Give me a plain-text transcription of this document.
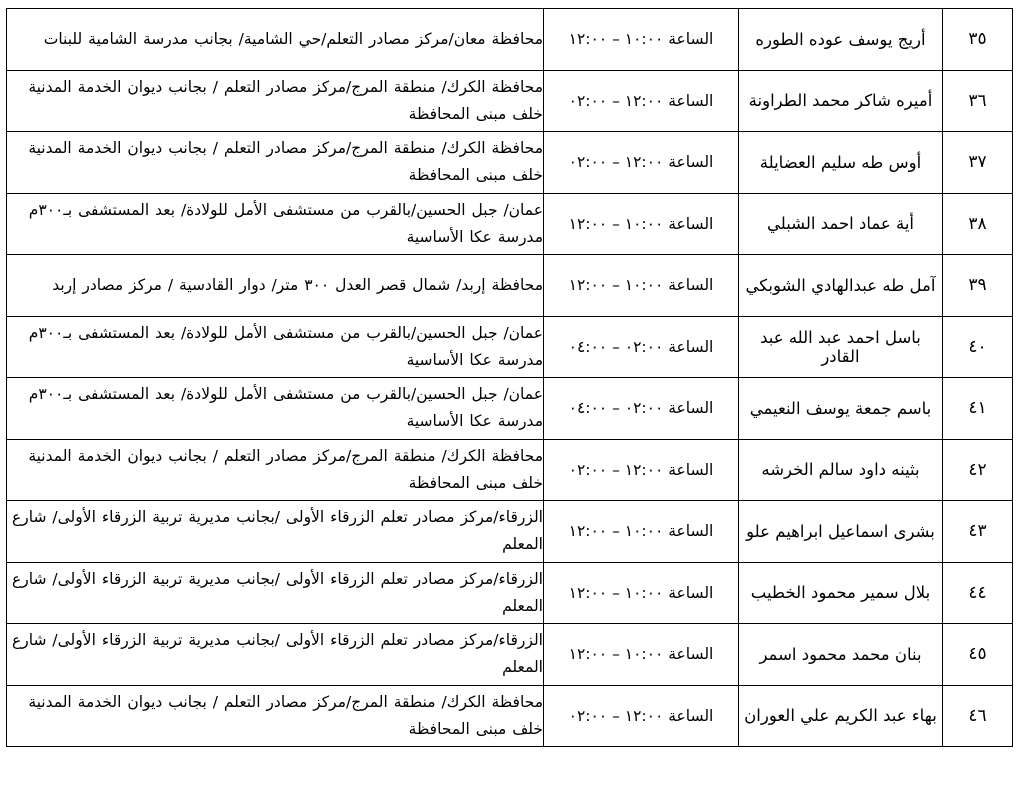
٣٥	أريج يوسف عوده الطوره	الساعة ١٠:٠٠ – ١٢:٠٠	محافظة معان/مركز مصادر التعلم/حي الشامية/ بجانب مدرسة الشامية للبنات
٣٦	أميره شاكر محمد الطراونة	الساعة ١٢:٠٠ – ٠٢:٠٠	محافظة الكرك/ منطقة المرج/مركز مصادر التعلم / بجانب ديوان الخدمة المدنية خلف مبنى المحافظة
٣٧	أوس طه سليم العضايلة	الساعة ١٢:٠٠ – ٠٢:٠٠	محافظة الكرك/ منطقة المرج/مركز مصادر التعلم / بجانب ديوان الخدمة المدنية خلف مبنى المحافظة
٣٨	أية عماد احمد الشبلي	الساعة ١٠:٠٠ – ١٢:٠٠	عمان/ جبل الحسين/بالقرب من مستشفى الأمل للولادة/ بعد المستشفى بـ٣٠٠م مدرسة عكا الأساسية
٣٩	آمل طه عبدالهادي الشوبكي	الساعة ١٠:٠٠ – ١٢:٠٠	محافظة إربد/ شمال قصر العدل ٣٠٠ متر/ دوار القادسية / مركز مصادر إربد
٤٠	باسل احمد عبد الله عبد القادر	الساعة ٠٢:٠٠ – ٠٤:٠٠	عمان/ جبل الحسين/بالقرب من مستشفى الأمل للولادة/ بعد المستشفى بـ٣٠٠م مدرسة عكا الأساسية
٤١	باسم جمعة يوسف النعيمي	الساعة ٠٢:٠٠ – ٠٤:٠٠	عمان/ جبل الحسين/بالقرب من مستشفى الأمل للولادة/ بعد المستشفى بـ٣٠٠م مدرسة عكا الأساسية
٤٢	بثينه داود سالم الخرشه	الساعة ١٢:٠٠ – ٠٢:٠٠	محافظة الكرك/ منطقة المرج/مركز مصادر التعلم / بجانب ديوان الخدمة المدنية خلف مبنى المحافظة
٤٣	بشرى اسماعيل ابراهيم علو	الساعة ١٠:٠٠ – ١٢:٠٠	الزرقاء/مركز مصادر تعلم الزرقاء الأولى /بجانب مديرية تربية الزرقاء الأولى/ شارع المعلم
٤٤	بلال سمير محمود الخطيب	الساعة ١٠:٠٠ – ١٢:٠٠	الزرقاء/مركز مصادر تعلم الزرقاء الأولى /بجانب مديرية تربية الزرقاء الأولى/ شارع المعلم
٤٥	بنان محمد محمود اسمر	الساعة ١٠:٠٠ – ١٢:٠٠	الزرقاء/مركز مصادر تعلم الزرقاء الأولى /بجانب مديرية تربية الزرقاء الأولى/ شارع المعلم
٤٦	بهاء عبد الكريم علي العوران	الساعة ١٢:٠٠ – ٠٢:٠٠	محافظة الكرك/ منطقة المرج/مركز مصادر التعلم / بجانب ديوان الخدمة المدنية خلف مبنى المحافظة
